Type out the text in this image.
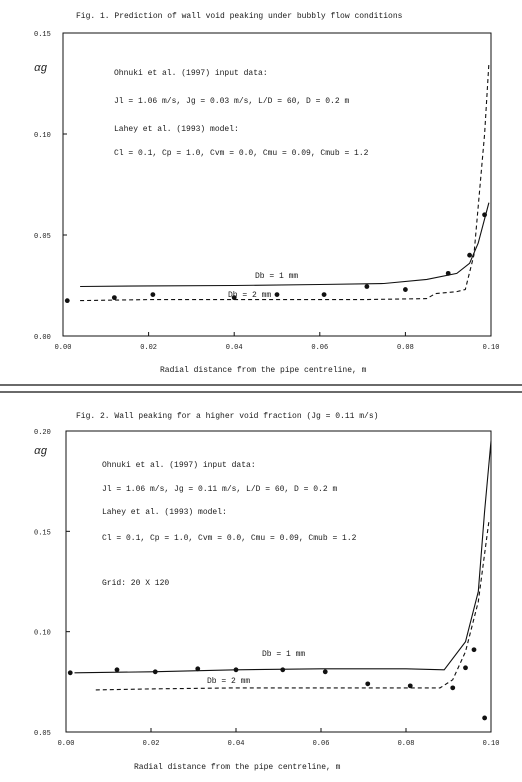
Fig. 1. Prediction of wall void peaking under bubbly flow conditions
αg	Ohnuki et al. (1997) input data:
Jl = 1.06 m/s, Jg = 0.03 m/s, L/D = 60, D = 0.2 m
Lahey et al. (1993) model:
Cl = 0.1, Cp = 1.0, Cvm = 0.0, Cmu = 0.09, Cmub = 1.2
0.00
0.05
0.10
0.15
0.00	0.02	0.04	0.06	0.08	0.10
Db = 1 mm
Db = 2 mm
Radial distance from the pipe centreline, m
Fig. 2. Wall peaking for a higher void fraction (Jg = 0.11 m/s)
αg
Ohnuki et al. (1997) input data:
Jl = 1.06 m/s, Jg = 0.11 m/s, L/D = 60, D = 0.2 m
Lahey et al. (1993) model:
Cl = 0.1, Cp = 1.0, Cvm = 0.0, Cmu = 0.09, Cmub = 1.2
Grid: 20 X 120
0.05
0.10
0.15
0.20
0.00	0.02	0.04	0.06	0.08	0.10
Db = 1 mm
Db = 2 mm
Radial distance from the pipe centreline, m
